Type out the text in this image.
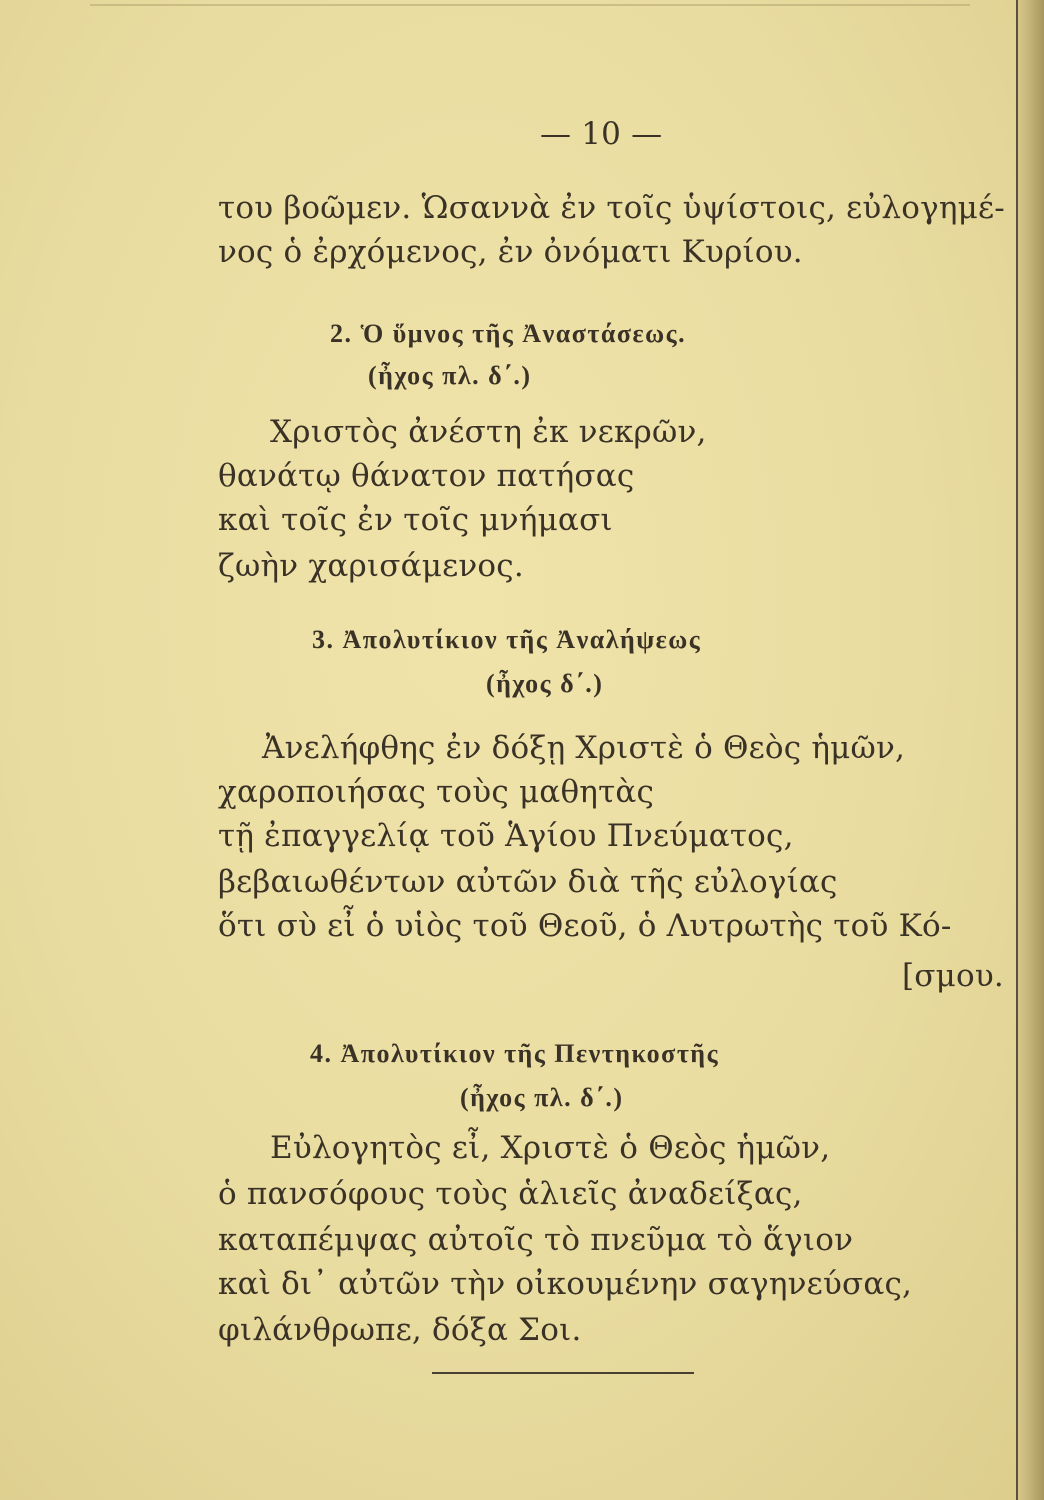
— 10 —
του βοῶμεν. Ὡσαννὰ ἐν τοῖς ὑψίστοις, εὐλογημέ-
νος ὁ ἐρχόμενος, ἐν ὀνόματι Κυρίου.
2. Ὁ ὕμνος τῆς Ἀναστάσεως.
(ἦχος πλ. δ΄.)
Χριστὸς ἀνέστη ἐκ νεκρῶν,
θανάτῳ θάνατον πατήσας
καὶ τοῖς ἐν τοῖς μνήμασι
ζωὴν χαρισάμενος.
3. Ἀπολυτίκιον τῆς Ἀναλήψεως
(ἦχος δ΄.)
Ἀνελήφθης ἐν δόξῃ Χριστὲ ὁ Θεὸς ἡμῶν,
χαροποιήσας τοὺς μαθητὰς
τῇ ἐπαγγελίᾳ τοῦ Ἁγίου Πνεύματος,
βεβαιωθέντων αὐτῶν διὰ τῆς εὐλογίας
ὅτι σὺ εἶ ὁ υἱὸς τοῦ Θεοῦ, ὁ Λυτρωτὴς τοῦ Κό-
[σμου.
4. Ἀπολυτίκιον τῆς Πεντηκοστῆς
(ἦχος πλ. δ΄.)
Εὐλογητὸς εἶ, Χριστὲ ὁ Θεὸς ἡμῶν,
ὁ πανσόφους τοὺς ἁλιεῖς ἀναδείξας,
καταπέμψας αὐτοῖς τὸ πνεῦμα τὸ ἅγιον
καὶ δι᾿ αὐτῶν τὴν οἰκουμένην σαγηνεύσας,
φιλάνθρωπε, δόξα Σοι.
